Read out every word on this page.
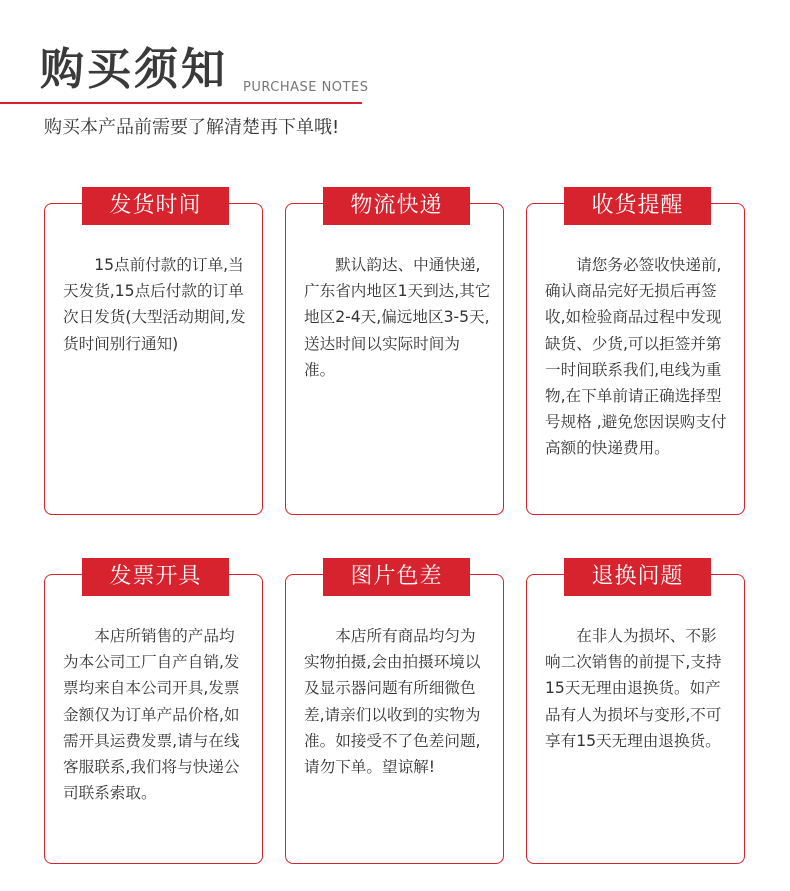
购买须知 PURCHASE NOTES
购买本产品前需要了解清楚再下单哦!
发货时间

15点前付款的订单,当天发货,15点后付款的订单次日发货(大型活动期间,发货时间别行通知)

物流快递

默认韵达、中通快递,广东省内地区1天到达,其它地区2-4天,偏远地区3-5天,送达时间以实际时间为准。

收货提醒

请您务必签收快递前,确认商品完好无损后再签收,如检验商品过程中发现缺货、少货,可以拒签并第一时间联系我们,电线为重物,在下单前请正确选择型号规格 ,避免您因误购支付高额的快递费用。

发票开具

本店所销售的产品均为本公司工厂自产自销,发票均来自本公司开具,发票金额仅为订单产品价格,如需开具运费发票,请与在线客服联系,我们将与快递公司联系索取。

图片色差

本店所有商品均匀为实物拍摄,会由拍摄环境以及显示器问题有所细微色差,请亲们以收到的实物为准。如接受不了色差问题,请勿下单。望谅解!

退换问题

在非人为损坏、不影响二次销售的前提下,支持15天无理由退换货。如产品有人为损坏与变形,不可享有15天无理由退换货。
